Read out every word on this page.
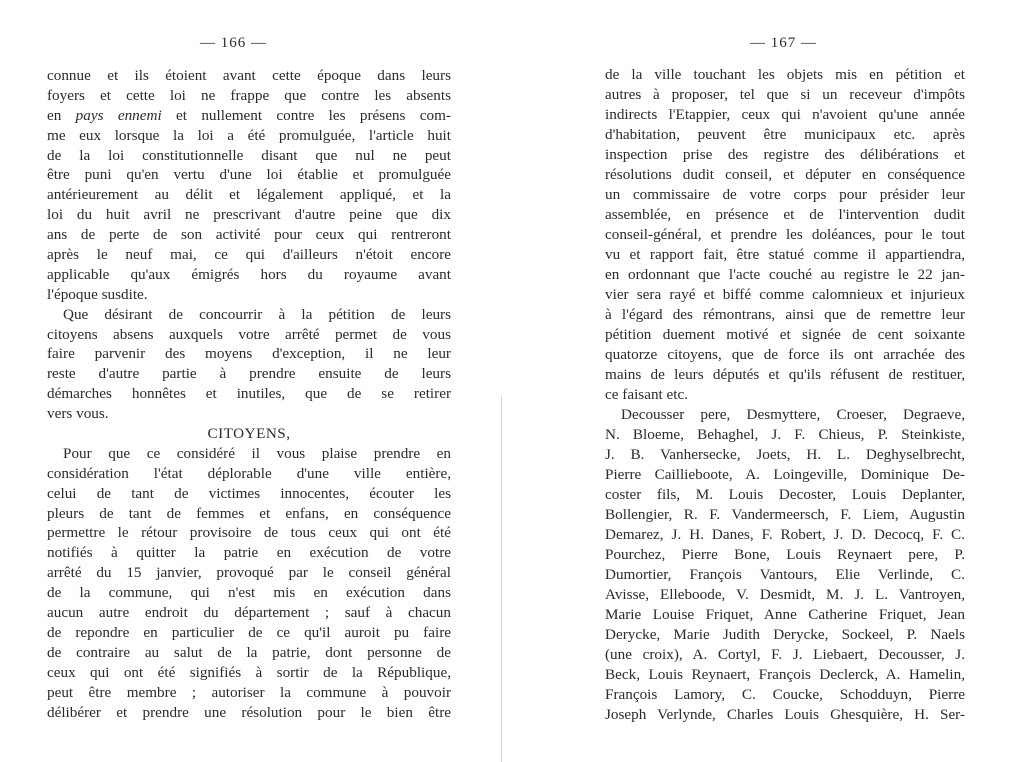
— 166 —
connue et ils étoient avant cette époque dans leurs
foyers et cette loi ne frappe que contre les absents
en pays ennemi et nullement contre les présens com-
me eux lorsque la loi a été promulguée, l'article huit
de la loi constitutionnelle disant que nul ne peut
être puni qu'en vertu d'une loi établie et promulguée
antérieurement au délit et légalement appliqué, et la
loi du huit avril ne prescrivant d'autre peine que dix
ans de perte de son activité pour ceux qui rentreront
après le neuf mai, ce qui d'ailleurs n'étoit encore
applicable qu'aux émigrés hors du royaume avant
l'époque susdite.
Que désirant de concourrir à la pétition de leurs
citoyens absens auxquels votre arrêté permet de vous
faire parvenir des moyens d'exception, il ne leur
reste d'autre partie à prendre ensuite de leurs
démarches honnêtes et inutiles, que de se retirer
vers vous.
CITOYENS,
Pour que ce considéré il vous plaise prendre en
considération l'état déplorable d'une ville entière,
celui de tant de victimes innocentes, écouter les
pleurs de tant de femmes et enfans, en conséquence
permettre le rétour provisoire de tous ceux qui ont été
notifiés à quitter la patrie en exécution de votre
arrêté du 15 janvier, provoqué par le conseil général
de la commune, qui n'est mis en exécution dans
aucun autre endroit du département ; sauf à chacun
de repondre en particulier de ce qu'il auroit pu faire
de contraire au salut de la patrie, dont personne de
ceux qui ont été signifiés à sortir de la République,
peut être membre ; autoriser la commune à pouvoir
délibérer et prendre une résolution pour le bien être
— 167 —
de la ville touchant les objets mis en pétition et
autres à proposer, tel que si un receveur d'impôts
indirects l'Etappier, ceux qui n'avoient qu'une année
d'habitation, peuvent être municipaux etc. après
inspection prise des registre des délibérations et
résolutions dudit conseil, et députer en conséquence
un commissaire de votre corps pour présider leur
assemblée, en présence et de l'intervention dudit
conseil-général, et prendre les doléances, pour le tout
vu et rapport fait, être statué comme il appartiendra,
en ordonnant que l'acte couché au registre le 22 jan-
vier sera rayé et biffé comme calomnieux et injurieux
à l'égard des rémontrans, ainsi que de remettre leur
pétition duement motivé et signée de cent soixante
quatorze citoyens, que de force ils ont arrachée des
mains de leurs députés et qu'ils réfusent de restituer,
ce faisant etc.
Decousser pere, Desmyttere, Croeser, Degraeve,
N. Bloeme, Behaghel, J. F. Chieus, P. Steinkiste,
J. B. Vanhersecke, Joets, H. L. Deghyselbrecht,
Pierre Caillieboote, A. Loingeville, Dominique De-
coster fils, M. Louis Decoster, Louis Deplanter,
Bollengier, R. F. Vandermeersch, F. Liem, Augustin
Demarez, J. H. Danes, F. Robert, J. D. Decocq, F. C.
Pourchez, Pierre Bone, Louis Reynaert pere, P.
Dumortier, François Vantours, Elie Verlinde, C.
Avisse, Elleboode, V. Desmidt, M. J. L. Vantroyen,
Marie Louise Friquet, Anne Catherine Friquet, Jean
Derycke, Marie Judith Derycke, Sockeel, P. Naels
(une croix), A. Cortyl, F. J. Liebaert, Decousser, J.
Beck, Louis Reynaert, François Declerck, A. Hamelin,
François Lamory, C. Coucke, Schodduyn, Pierre
Joseph Verlynde, Charles Louis Ghesquière, H. Ser-
